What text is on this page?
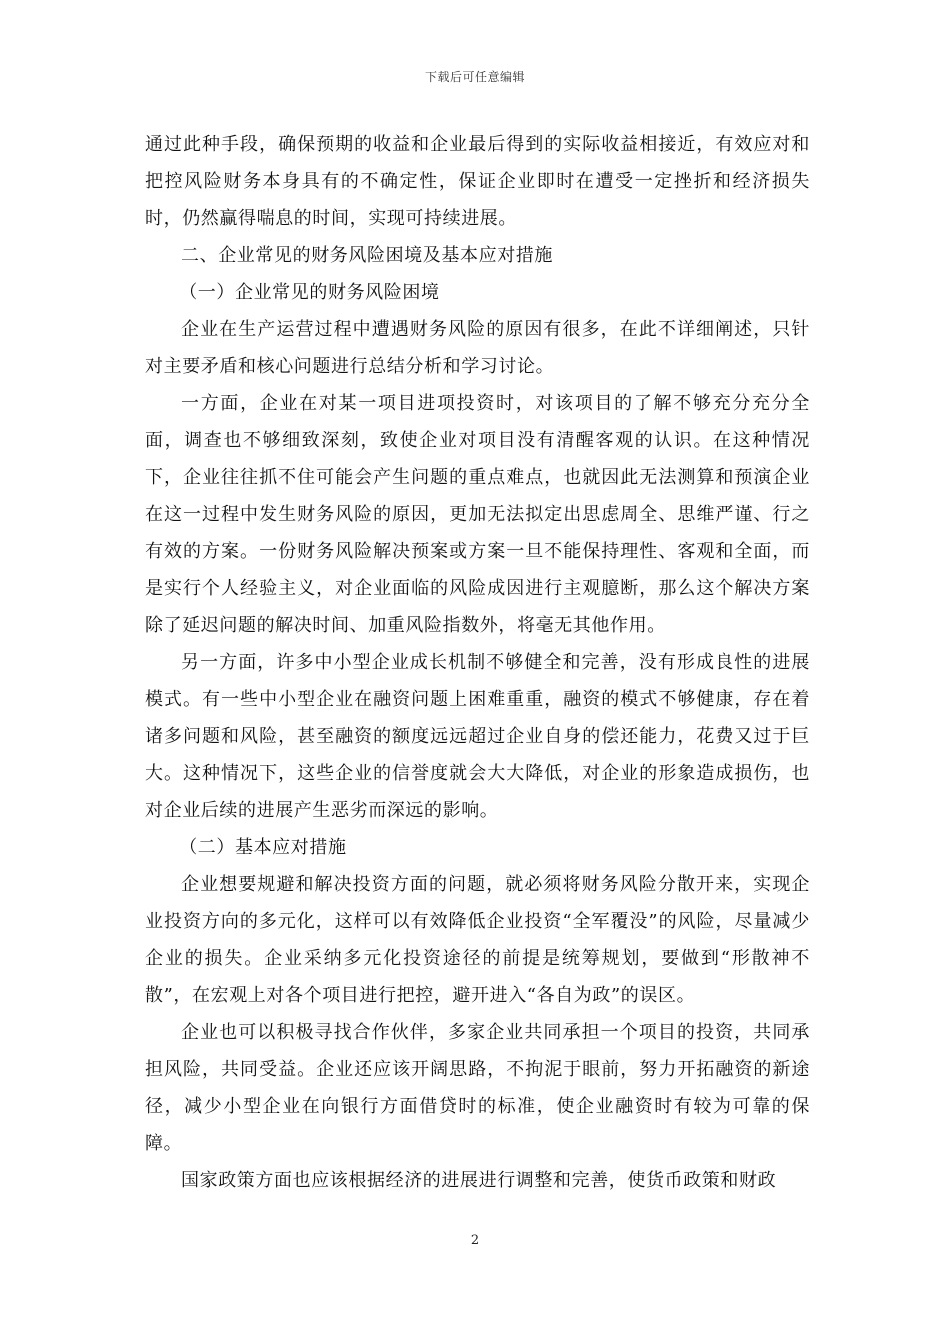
下载后可任意编辑

通过此种手段，确保预期的收益和企业最后得到的实际收益相接近，有效应对和把控风险财务本身具有的不确定性，保证企业即时在遭受一定挫折和经济损失时，仍然赢得喘息的时间，实现可持续进展。

二、企业常见的财务风险困境及基本应对措施

（一）企业常见的财务风险困境

企业在生产运营过程中遭遇财务风险的原因有很多，在此不详细阐述，只针对主要矛盾和核心问题进行总结分析和学习讨论。

一方面，企业在对某一项目进项投资时，对该项目的了解不够充分充分全面，调查也不够细致深刻，致使企业对项目没有清醒客观的认识。在这种情况下，企业往往抓不住可能会产生问题的重点难点，也就因此无法测算和预演企业在这一过程中发生财务风险的原因，更加无法拟定出思虑周全、思维严谨、行之有效的方案。一份财务风险解决预案或方案一旦不能保持理性、客观和全面，而是实行个人经验主义，对企业面临的风险成因进行主观臆断，那么这个解决方案除了延迟问题的解决时间、加重风险指数外，将毫无其他作用。

另一方面，许多中小型企业成长机制不够健全和完善，没有形成良性的进展模式。有一些中小型企业在融资问题上困难重重，融资的模式不够健康，存在着诸多问题和风险，甚至融资的额度远远超过企业自身的偿还能力，花费又过于巨大。这种情况下，这些企业的信誉度就会大大降低，对企业的形象造成损伤，也对企业后续的进展产生恶劣而深远的影响。

（二）基本应对措施

企业想要规避和解决投资方面的问题，就必须将财务风险分散开来，实现企业投资方向的多元化，这样可以有效降低企业投资“全军覆没”的风险，尽量减少企业的损失。企业采纳多元化投资途径的前提是统筹规划，要做到“形散神不散”，在宏观上对各个项目进行把控，避开进入“各自为政”的误区。

企业也可以积极寻找合作伙伴，多家企业共同承担一个项目的投资，共同承担风险，共同受益。企业还应该开阔思路，不拘泥于眼前，努力开拓融资的新途径，减少小型企业在向银行方面借贷时的标准，使企业融资时有较为可靠的保障。

国家政策方面也应该根据经济的进展进行调整和完善，使货币政策和财政

2
